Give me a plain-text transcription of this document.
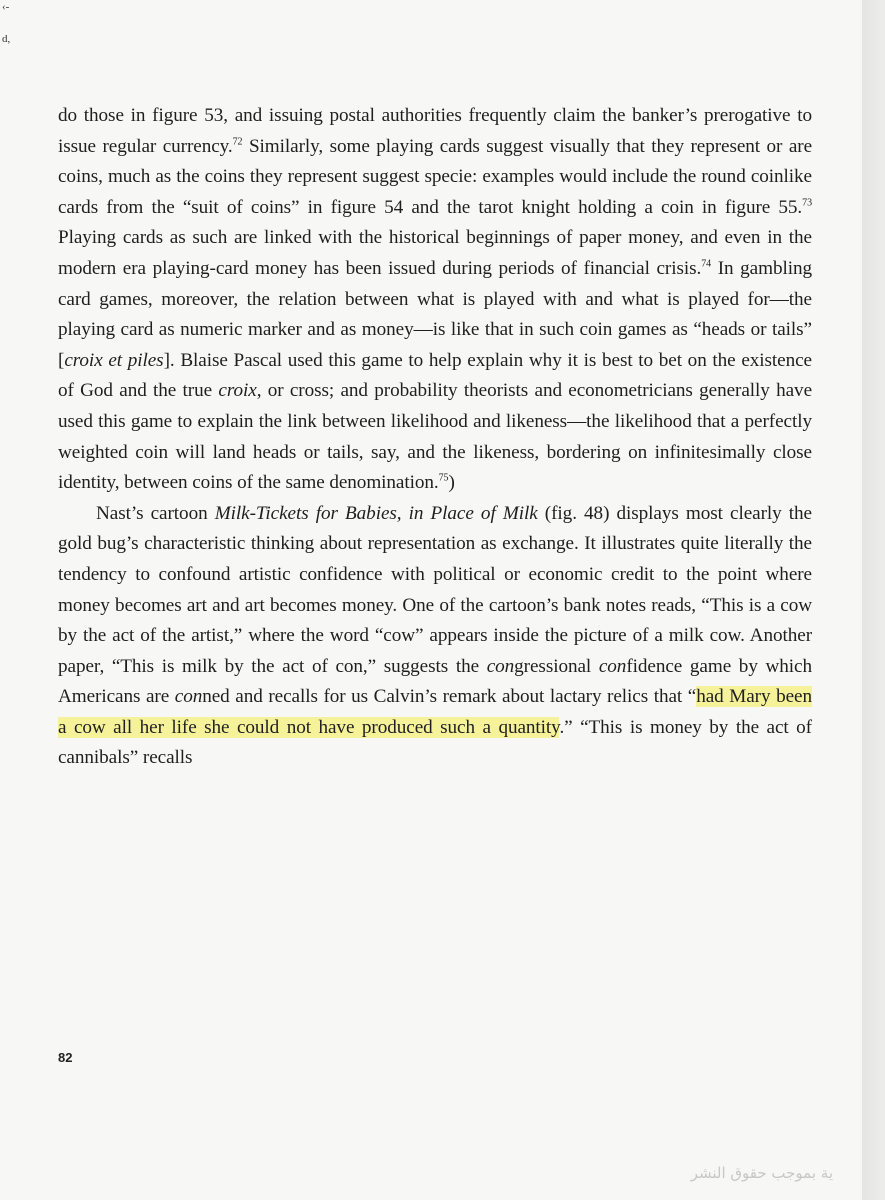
‹-
d,

do those in figure 53, and issuing postal authorities frequently claim the banker’s prerogative to issue regular currency.$^{72}$ Similarly, some playing cards suggest visually that they represent or are coins, much as the coins they represent suggest specie: examples would include the round coinlike cards from the “suit of coins” in figure 54 and the tarot knight holding a coin in figure 55.73 Playing cards as such are linked with the historical beginnings of paper money, and even in the modern era playing-card money has been issued during periods of financial crisis.$^{74}$ In gambling card games, moreover, the relation between what is played with and what is played for—the playing card as numeric marker and as money—is like that in such coin games as “heads or tails” [croix et piles]. Blaise Pascal used this game to help explain why it is best to bet on the existence of God and the true croix, or cross; and probability theorists and econometricians generally have used this game to explain the link between likelihood and likeness—the likelihood that a perfectly weighted coin will land heads or tails, say, and the likeness, bordering on infinitesimally close identity, between coins of the same denomination.$^{75}$)

Nast’s cartoon Milk-Tickets for Babies, in Place of Milk (fig. 48) displays most clearly the gold bug’s characteristic thinking about representation as exchange. It illustrates quite literally the tendency to confound artistic confidence with political or economic credit to the point where money becomes art and art becomes money. One of the cartoon’s bank notes reads, “This is a cow by the act of the artist,” where the word “cow” appears inside the picture of a milk cow. Another paper, “This is milk by the act of con,” suggests the congressional confidence game by which Americans are conned and recalls for us Calvin’s remark about lactary relics that “had Mary been a cow all her life she could not have produced such a quantity.” “This is money by the act of cannibals” recalls

82
ية بموجب حقوق النشر
